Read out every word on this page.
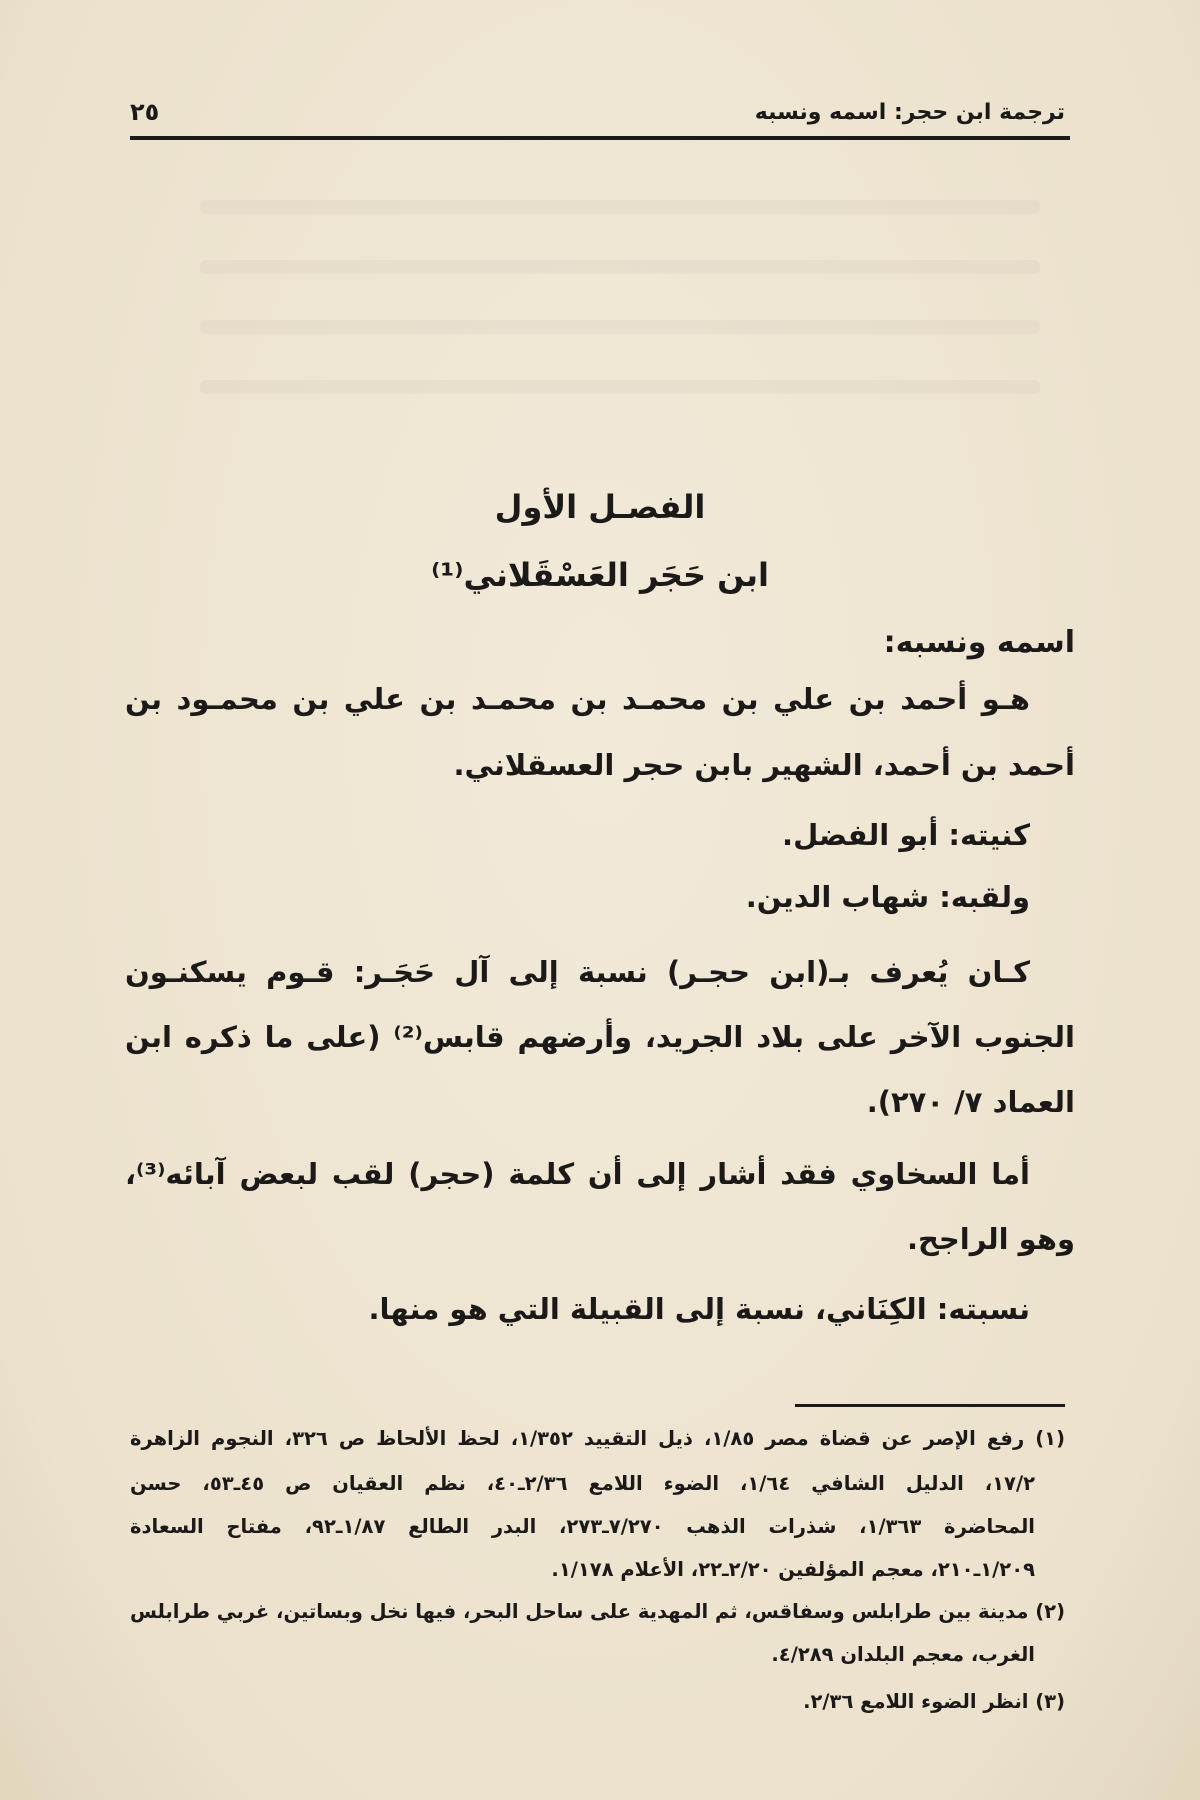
ترجمة ابن حجر: اسمه ونسبه
٢٥
الفصـل الأول
ابن حَجَر العَسْقَلاني⁽¹⁾
اسمه ونسبه:
هـو أحمد بن علي بن محمـد بن محمـد بن علي بن محمـود بن
أحمد بن أحمد، الشهير بابن حجر العسقلاني.
كنيته: أبو الفضل.
ولقبه: شهاب الدين.
كـان يُعرف بـ(ابن حجـر) نسبة إلى آل حَجَـر: قـوم يسكنـون
الجنوب الآخر على بلاد الجريد، وأرضهم قابس⁽²⁾ (على ما ذكره ابن
العماد ٧/ ٢٧٠).
أما السخاوي فقد أشار إلى أن كلمة (حجر) لقب لبعض آبائه⁽³⁾،
وهو الراجح.
نسبته: الكِنَاني، نسبة إلى القبيلة التي هو منها.
(١) رفع الإصر عن قضاة مصر ١/٨٥، ذيل التقييد ١/٣٥٢، لحظ الألحاظ ص ٣٢٦، النجوم الزاهرة
١٧/٢، الدليل الشافي ١/٦٤، الضوء اللامع ٢/٣٦ـ٤٠، نظم العقيان ص ٤٥ـ٥٣، حسن
المحاضرة ١/٣٦٣، شذرات الذهب ٧/٢٧٠ـ٢٧٣، البدر الطالع ١/٨٧ـ٩٢، مفتاح السعادة
١/٢٠٩ـ٢١٠، معجم المؤلفين ٢/٢٠ـ٢٢، الأعلام ١/١٧٨.
(٢) مدينة بين طرابلس وسفاقس، ثم المهدية على ساحل البحر، فيها نخل وبساتين، غربي طرابلس
الغرب، معجم البلدان ٤/٢٨٩.
(٣) انظر الضوء اللامع ٢/٣٦.
